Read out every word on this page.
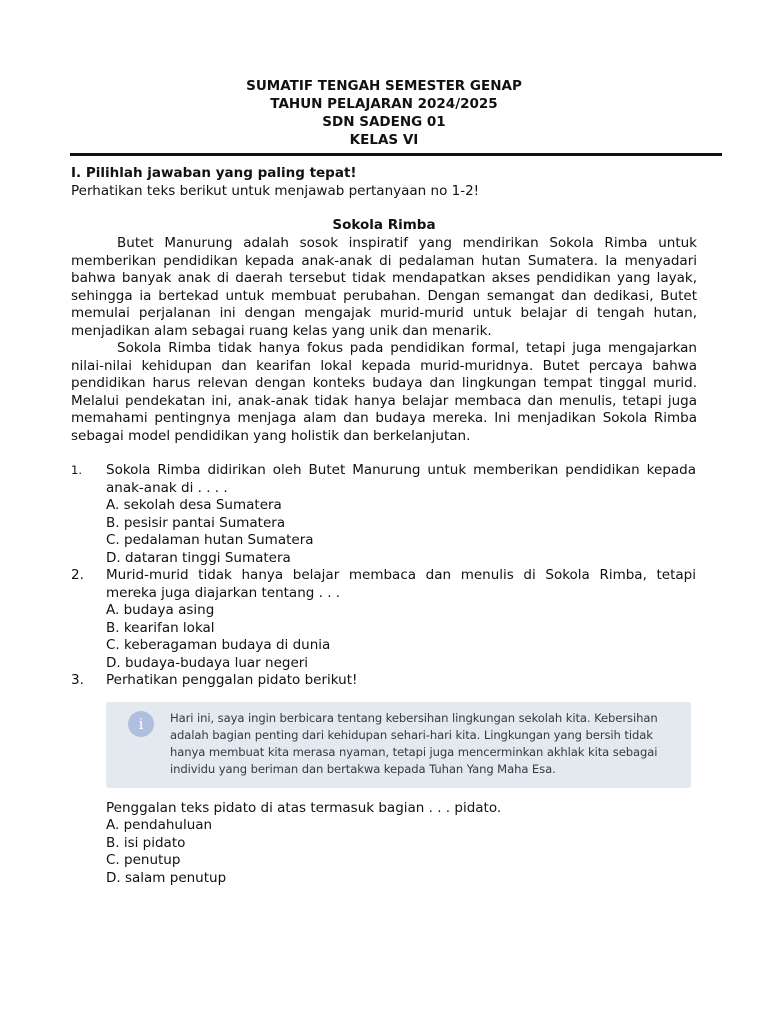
SUMATIF TENGAH SEMESTER GENAP
TAHUN PELAJARAN 2024/2025
SDN SADENG 01
KELAS VI
I. Pilihlah jawaban yang paling tepat!
Perhatikan teks berikut untuk menjawab pertanyaan no 1-2!
Sokola Rimba

Butet Manurung adalah sosok inspiratif yang mendirikan Sokola Rimba untuk memberikan pendidikan kepada anak-anak di pedalaman hutan Sumatera. Ia menyadari bahwa banyak anak di daerah tersebut tidak mendapatkan akses pendidikan yang layak, sehingga ia bertekad untuk membuat perubahan. Dengan semangat dan dedikasi, Butet memulai perjalanan ini dengan mengajak murid-murid untuk belajar di tengah hutan, menjadikan alam sebagai ruang kelas yang unik dan menarik.

Sokola Rimba tidak hanya fokus pada pendidikan formal, tetapi juga mengajarkan nilai-nilai kehidupan dan kearifan lokal kepada murid-muridnya. Butet percaya bahwa pendidikan harus relevan dengan konteks budaya dan lingkungan tempat tinggal murid. Melalui pendekatan ini, anak-anak tidak hanya belajar membaca dan menulis, tetapi juga memahami pentingnya menjaga alam dan budaya mereka. Ini menjadikan Sokola Rimba sebagai model pendidikan yang holistik dan berkelanjutan.

1.	Sokola Rimba didirikan oleh Butet Manurung untuk memberikan pendidikan kepada anak-anak di . . . .
A. sekolah desa Sumatera
B. pesisir pantai Sumatera
C. pedalaman hutan Sumatera
D. dataran tinggi Sumatera
2.	Murid-murid tidak hanya belajar membaca dan menulis di Sokola Rimba, tetapi mereka juga diajarkan tentang . . .
A. budaya asing
B. kearifan lokal
C. keberagaman budaya di dunia
D. budaya-budaya luar negeri
3.	Perhatikan penggalan pidato berikut!
i	Hari ini, saya ingin berbicara tentang kebersihan lingkungan sekolah kita. Kebersihan adalah bagian penting dari kehidupan sehari-hari kita. Lingkungan yang bersih tidak hanya membuat kita merasa nyaman, tetapi juga mencerminkan akhlak kita sebagai individu yang beriman dan bertakwa kepada Tuhan Yang Maha Esa.
Penggalan teks pidato di atas termasuk bagian . . . pidato.
A. pendahuluan
B. isi pidato
C. penutup
D. salam penutup
